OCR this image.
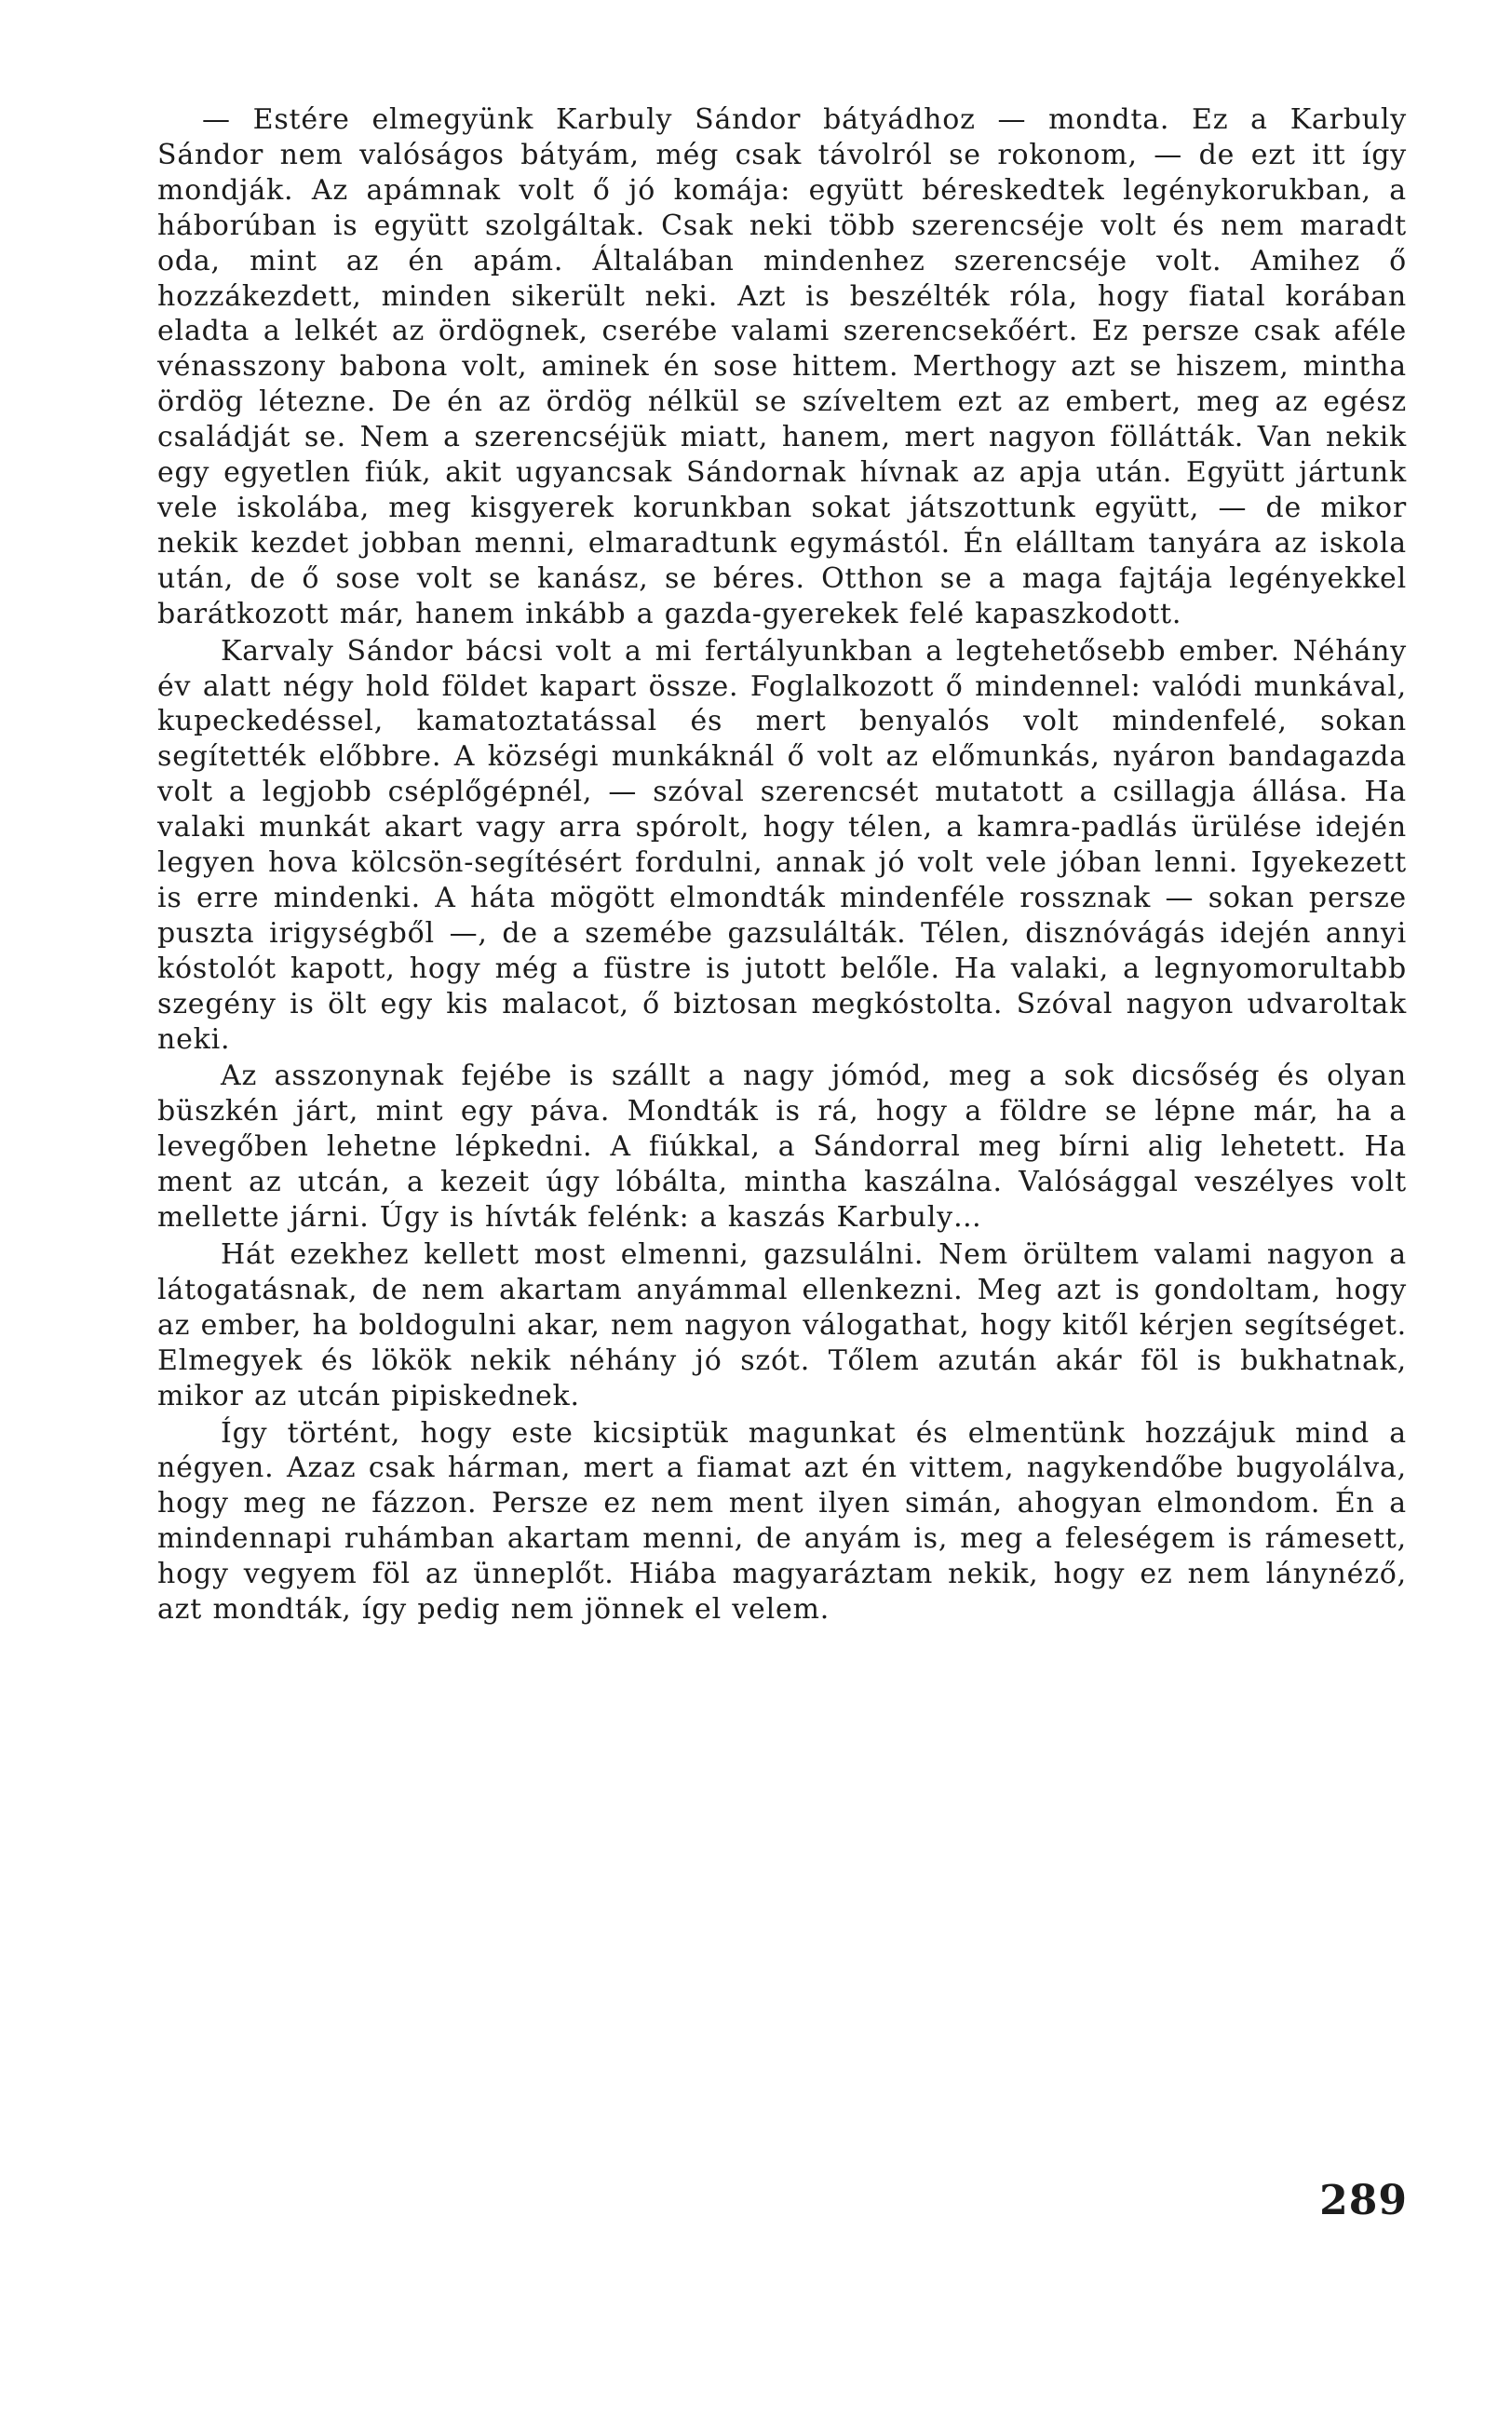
— Estére elmegyünk Karbuly Sándor bátyádhoz — mondta. Ez a Karbuly Sándor nem valóságos bátyám, még csak távolról se rokonom, — de ezt itt így mondják. Az apámnak volt ő jó komája: együtt béreskedtek legénykorukban, a háborúban is együtt szolgáltak. Csak neki több szerencséje volt és nem maradt oda, mint az én apám. Általában mindenhez szerencséje volt. Amihez ő hozzákezdett, minden sikerült neki. Azt is beszélték róla, hogy fiatal korában eladta a lelkét az ördögnek, cserébe valami szerencsekőért. Ez persze csak aféle vénasszony babona volt, aminek én sose hittem. Merthogy azt se hiszem, mintha ördög létezne. De én az ördög nélkül se szíveltem ezt az embert, meg az egész családját se. Nem a szerencséjük miatt, hanem, mert nagyon föllátták. Van nekik egy egyetlen fiúk, akit ugyancsak Sándornak hívnak az apja után. Együtt jártunk vele iskolába, meg kisgyerek korunkban sokat játszottunk együtt, — de mikor nekik kezdet jobban menni, elmaradtunk egymástól. Én elálltam tanyára az iskola után, de ő sose volt se kanász, se béres. Otthon se a maga fajtája legényekkel barátkozott már, hanem inkább a gazda-gyerekek felé kapaszkodott.

Karvaly Sándor bácsi volt a mi fertályunkban a legtehetősebb ember. Néhány év alatt négy hold földet kapart össze. Foglalkozott ő mindennel: valódi munkával, kupeckedéssel, kamatoztatással és mert benyalós volt mindenfelé, sokan segítették előbbre. A községi munkáknál ő volt az előmunkás, nyáron bandagazda volt a legjobb cséplőgépnél, — szóval szerencsét mutatott a csillagja állása. Ha valaki munkát akart vagy arra spórolt, hogy télen, a kamra-padlás ürülése idején legyen hova kölcsön-segítésért fordulni, annak jó volt vele jóban lenni. Igyekezett is erre mindenki. A háta mögött elmondták mindenféle rossznak — sokan persze puszta irigységből —, de a szemébe gazsulálták. Télen, disznóvágás idején annyi kóstolót kapott, hogy még a füstre is jutott belőle. Ha valaki, a legnyomorultabb szegény is ölt egy kis malacot, ő biztosan megkóstolta. Szóval nagyon udvaroltak neki.

Az asszonynak fejébe is szállt a nagy jómód, meg a sok dicsőség és olyan büszkén járt, mint egy páva. Mondták is rá, hogy a földre se lépne már, ha a levegőben lehetne lépkedni. A fiúkkal, a Sándorral meg bírni alig lehetett. Ha ment az utcán, a kezeit úgy lóbálta, mintha kaszálna. Valósággal veszélyes volt mellette járni. Úgy is hívták felénk: a kaszás Karbuly…

Hát ezekhez kellett most elmenni, gazsulálni. Nem örültem valami nagyon a látogatásnak, de nem akartam anyámmal ellenkezni. Meg azt is gondoltam, hogy az ember, ha boldogulni akar, nem nagyon válogathat, hogy kitől kérjen segítséget. Elmegyek és lökök nekik néhány jó szót. Tőlem azután akár föl is bukhatnak, mikor az utcán pipiskednek.

Így történt, hogy este kicsiptük magunkat és elmentünk hozzájuk mind a négyen. Azaz csak hárman, mert a fiamat azt én vittem, nagykendőbe bugyolálva, hogy meg ne fázzon. Persze ez nem ment ilyen simán, ahogyan elmondom. Én a mindennapi ruhámban akartam menni, de anyám is, meg a feleségem is rámesett, hogy vegyem föl az ünneplőt. Hiába magyaráztam nekik, hogy ez nem lánynéző, azt mondták, így pedig nem jönnek el velem.

289
